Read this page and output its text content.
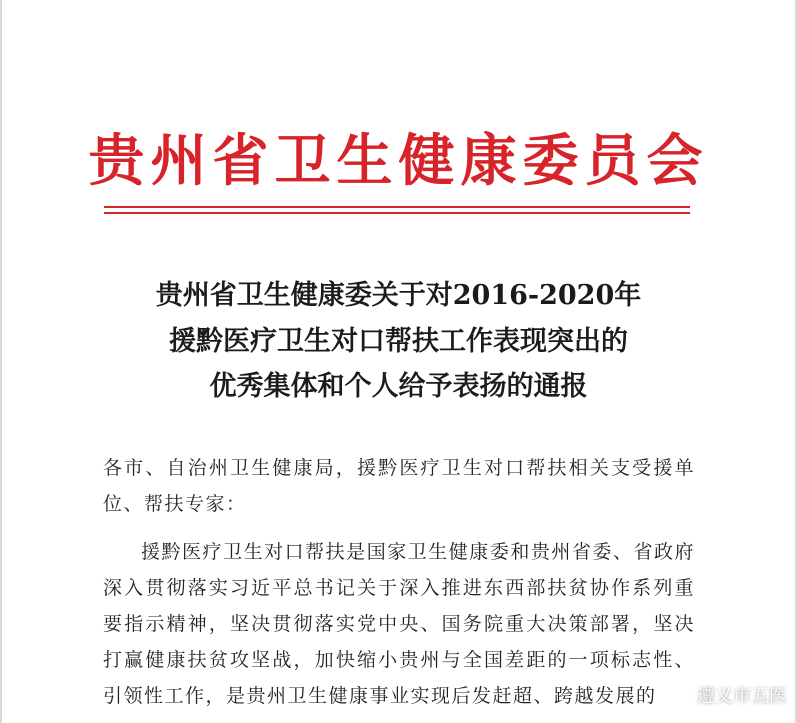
贵州省卫生健康委员会
贵州省卫生健康委关于对2016-2020年
援黔医疗卫生对口帮扶工作表现突出的
优秀集体和个人给予表扬的通报
各市、自治州卫生健康局，援黔医疗卫生对口帮扶相关支受援单位、帮扶专家：
援黔医疗卫生对口帮扶是国家卫生健康委和贵州省委、省政府深入贯彻落实习近平总书记关于深入推进东西部扶贫协作系列重要指示精神，坚决贯彻落实党中央、国务院重大决策部署，坚决打赢健康扶贫攻坚战，加快缩小贵州与全国差距的一项标志性、引领性工作，是贵州卫生健康事业实现后发赶超、跨越发展的	遵义市五医
